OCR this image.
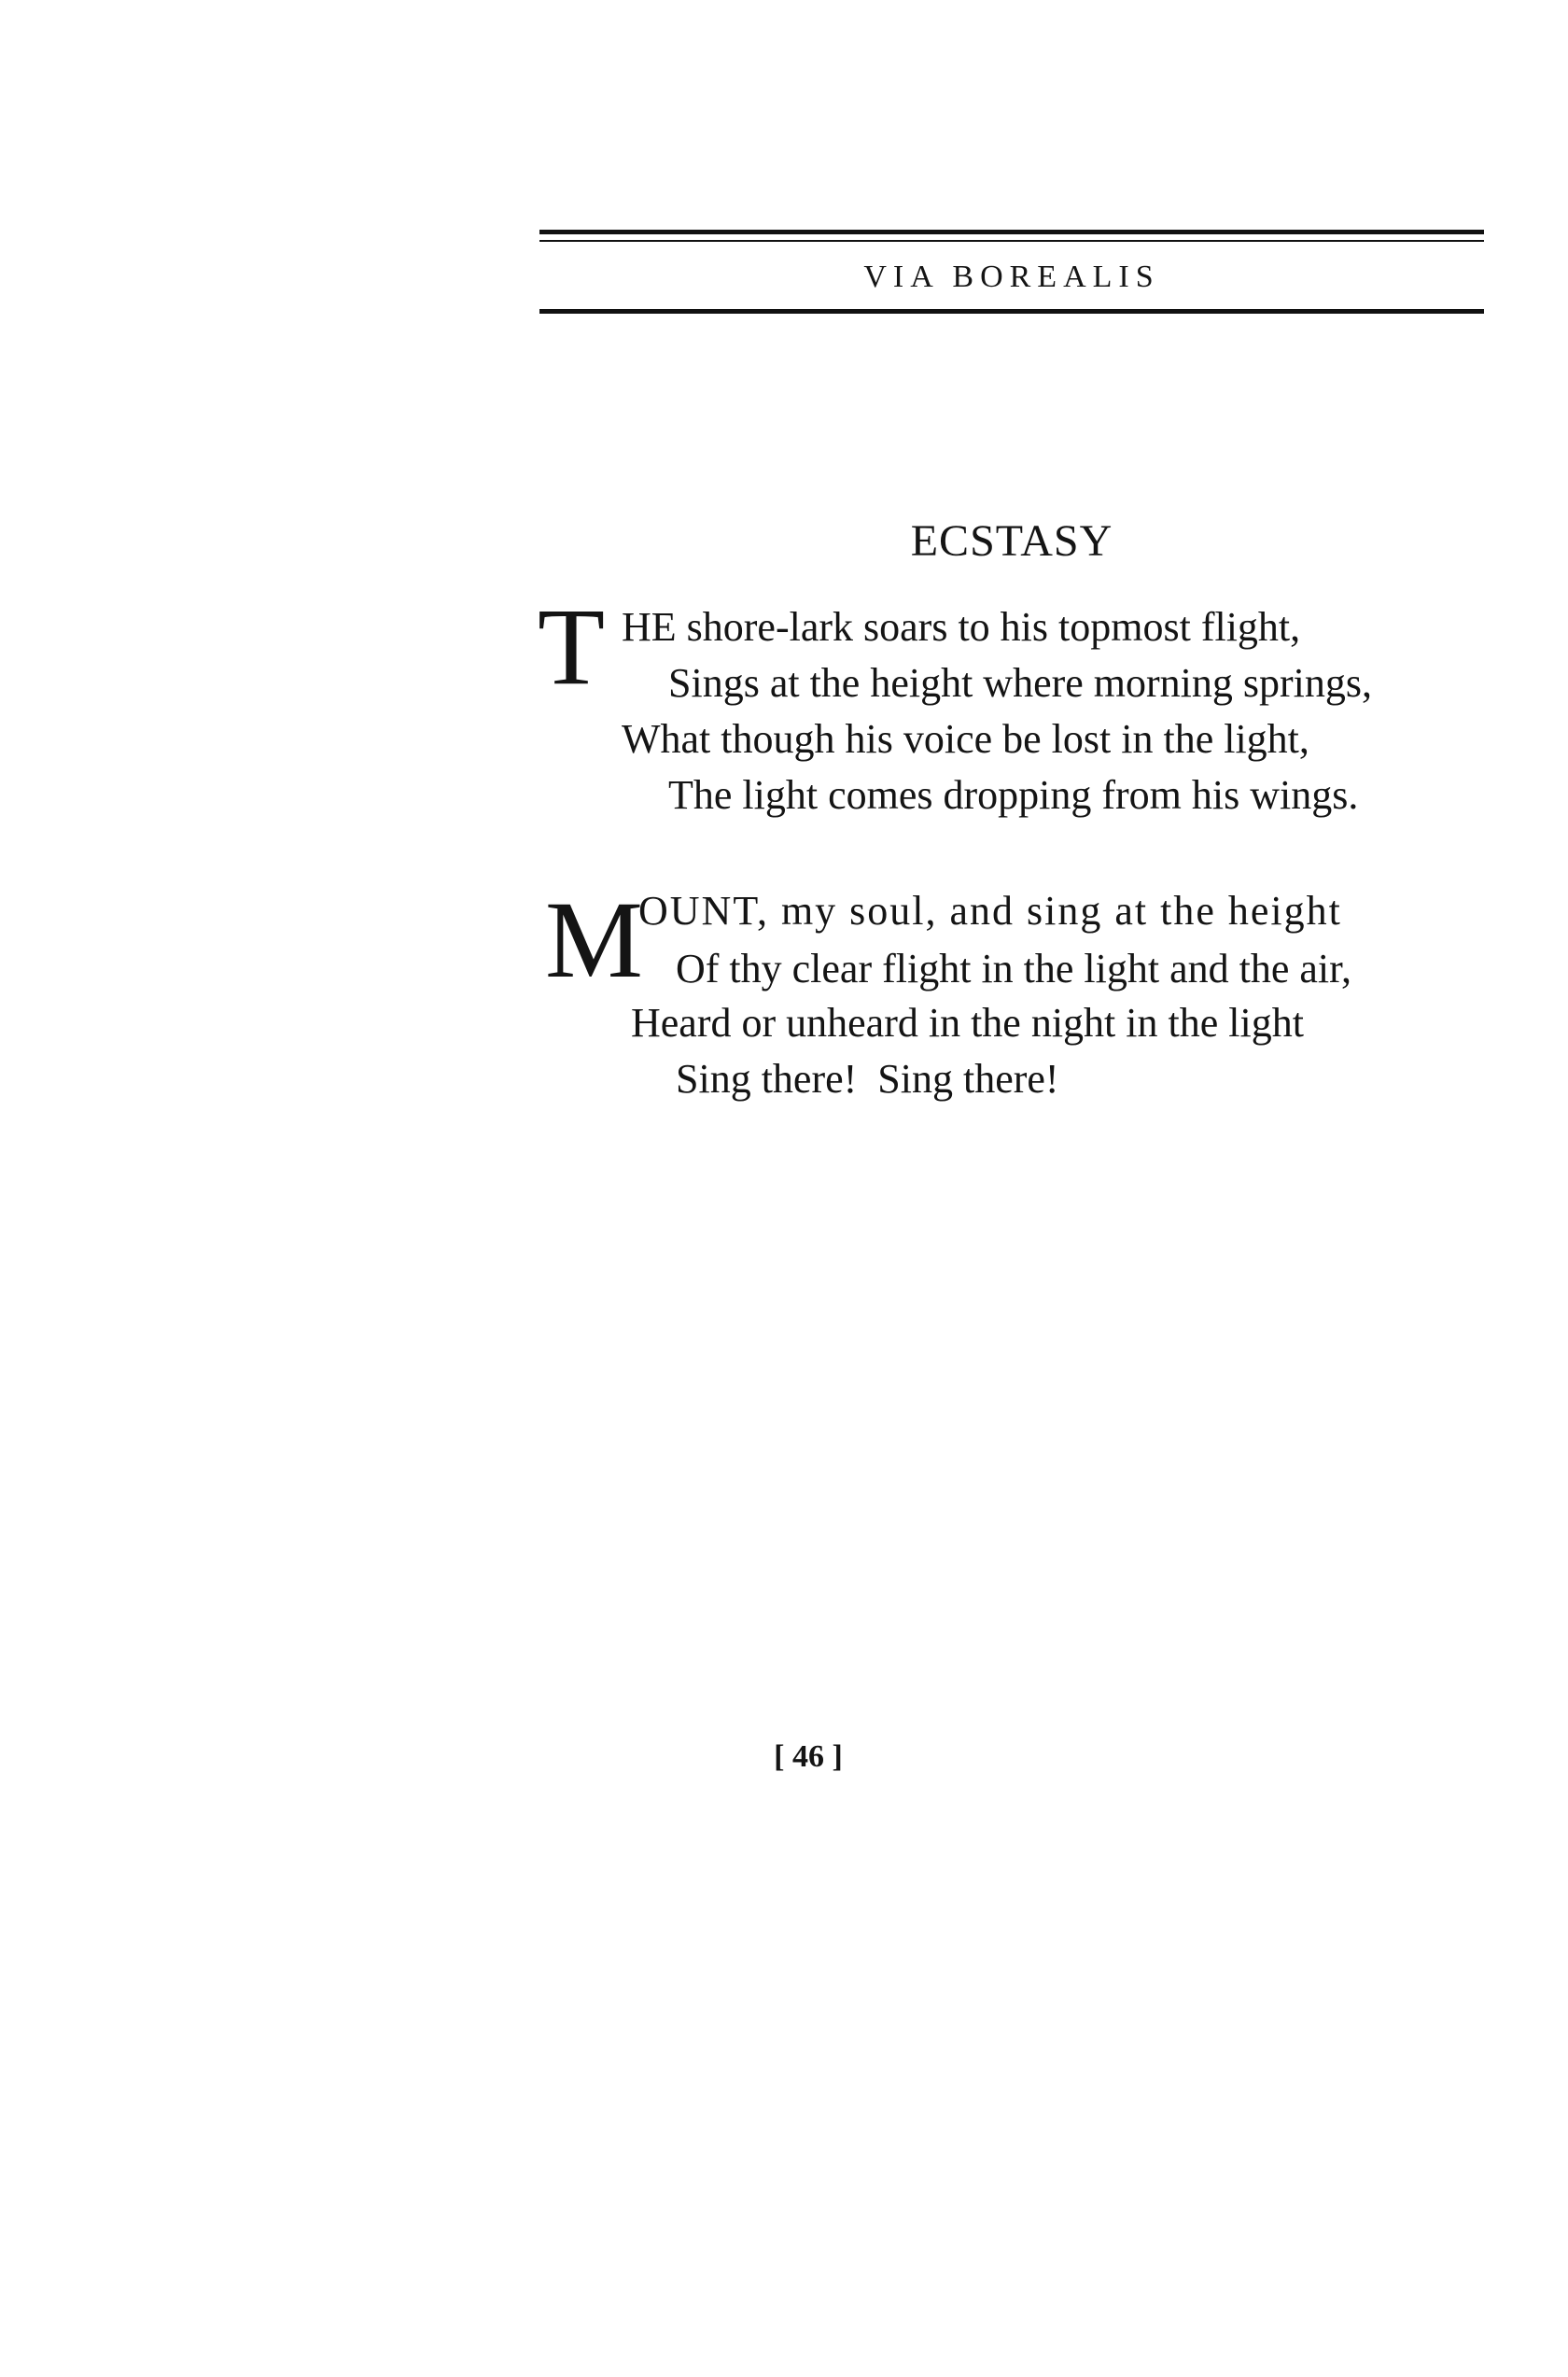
VIA BOREALIS
ECSTASY
T HE shore-lark soars to his topmost flight,
Sings at the height where morning springs,
What though his voice be lost in the light,
The light comes dropping from his wings.
M
OUNT, my soul, and sing at the height
Of thy clear flight in the light and the air,
Heard or unheard in the night in the light
Sing there!  Sing there!
[ 46 ]
